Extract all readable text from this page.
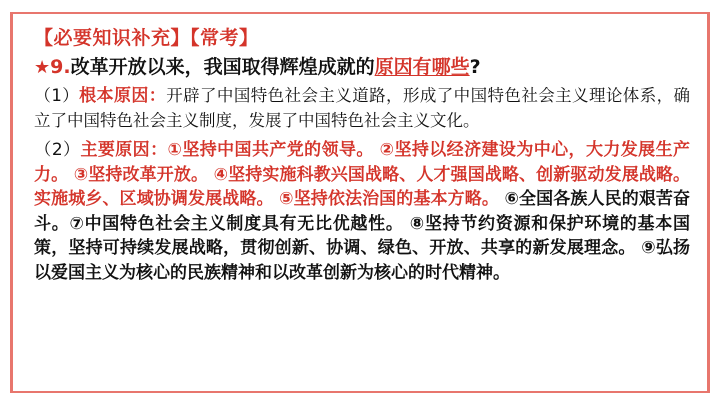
【必要知识补充】【常考】
★9.改革开放以来，我国取得辉煌成就的原因有哪些?
（1）根本原因：开辟了中国特色社会主义道路，形成了中国特色社会主义理论体系，确立了中国特色社会主义制度，发展了中国特色社会主义文化。
（2）主要原因：①坚持中国共产党的领导。 ②坚持以经济建设为中心，大力发展生产力。 ③坚持改革开放。 ④坚持实施科教兴国战略、人才强国战略、创新驱动发展战略。实施城乡、区域协调发展战略。 ⑤坚持依法治国的基本方略。 ⑥全国各族人民的艰苦奋斗。⑦中国特色社会主义制度具有无比优越性。 ⑧坚持节约资源和保护环境的基本国策，坚持可持续发展战略，贯彻创新、协调、绿色、开放、共享的新发展理念。 ⑨弘扬以爱国主义为核心的民族精神和以改革创新为核心的时代精神。
